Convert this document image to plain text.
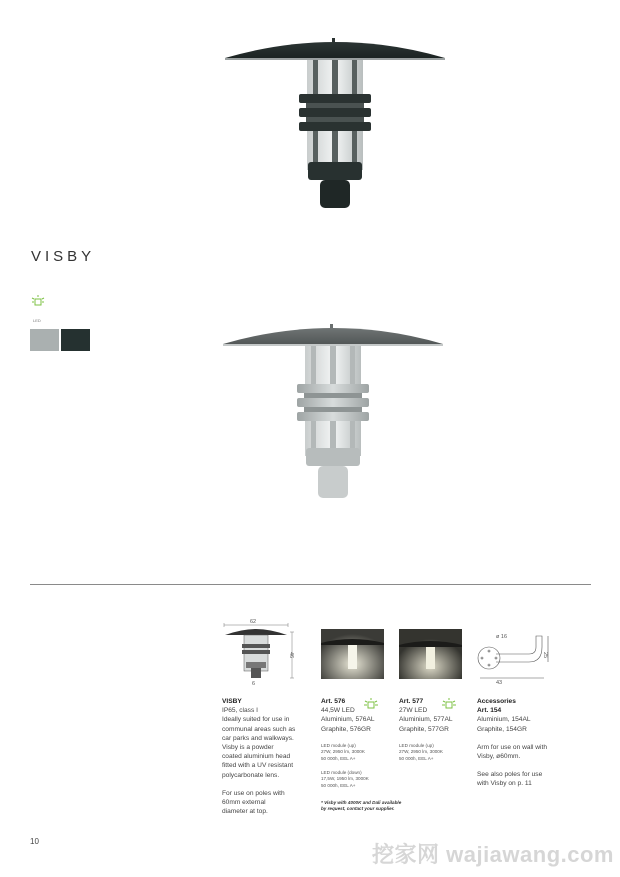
VISBY
LED
62
46
6
ø 16
25
43
VISBY
IP65, class I
Ideally suited for use in
communal areas such as
car parks and walkways.
Visby is a powder
coated aluminium head
fitted with a UV resistant
polycarbonate lens.

For use on poles with
60mm external
diameter at top.
Art. 576
44,5W LED
Aluminium, 576AL
Graphite, 576GR
LED module (up)
27W, 2950 lm, 3000K
50 000h, EEL A+
LED module (down)
17,5W, 1950 lm, 3000K
50 000h, EEL A+
* Visby with 4000K and Dali available
by request, contact your supplier.
Art. 577
27W LED
Aluminium, 577AL
Graphite, 577GR
LED module (up)
27W, 2950 lm, 3000K
50 000h, EEL A+
Accessories
Art. 154
Aluminium, 154AL
Graphite, 154GR

Arm for use on wall with
Visby, ø60mm.

See also poles for use
with Visby on p. 11
10
挖家网 wajiawang.com
